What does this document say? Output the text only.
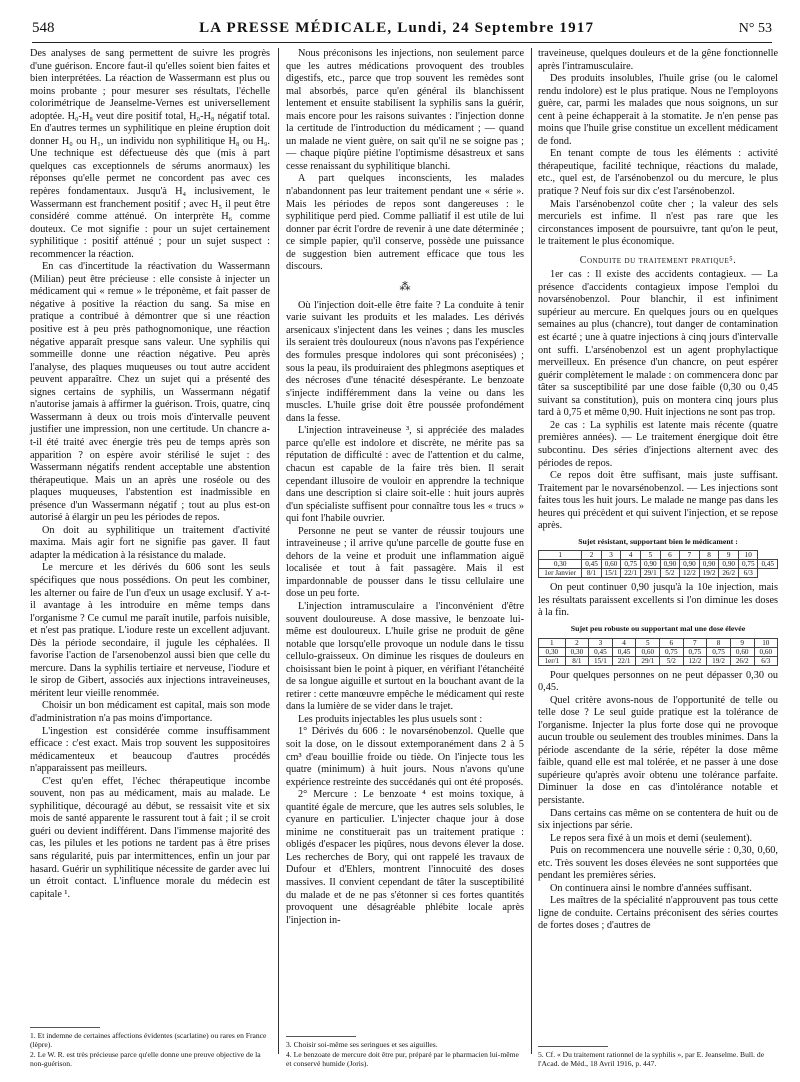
548	LA PRESSE MÉDICALE, Lundi, 24 Septembre 1917	N° 53

Des analyses de sang permettent de suivre les progrès d'une guérison. Encore faut-il qu'elles soient bien faites et bien interprétées. La réaction de Wassermann est plus ou moins probante ; pour mesurer ses résultats, l'échelle colorimétrique de Jeanselme-Vernes est universellement adoptée. H₀-H₈ veut dire positif total, H₀-H₈ négatif total. En d'autres termes un syphilitique en pleine éruption doit donner H₀ ou H₁, un individu non syphilitique H₈ ou H₉. Une technique est défectueuse dès que (mis à part quelques cas exceptionnels de sérums anormaux) les réponses qu'elle permet ne concordent pas avec ces repères fondamentaux. Jusqu'à H₄ inclusivement, le Wassermann est franchement positif ; avec H₅ il peut être considéré comme atténué. On interprète H₆ comme douteux. Ce mot signifie : pour un sujet certainement syphilitique : positif atténué ; pour un sujet suspect : recommencer la réaction.

En cas d'incertitude la réactivation du Wassermann (Milian) peut être précieuse : elle consiste à injecter un médicament qui « remue » le tréponème, et fait passer de négative à positive la réaction du sang. Sa mise en pratique a contribué à démontrer que si une réaction positive est à peu près pathognomonique, une réaction négative apparaît presque sans valeur. Une syphilis qui sommeille donne une réaction négative. Peu après l'analyse, des plaques muqueuses ou tout autre accident peuvent apparaître. Chez un sujet qui a présenté des signes certains de syphilis, un Wassermann négatif n'autorise jamais à affirmer la guérison. Trois, quatre, cinq Wassermann à deux ou trois mois d'intervalle peuvent justifier une impression, non une certitude. Un chancre a-t-il été traité avec énergie très peu de temps après son apparition ? on espère avoir stérilisé le sujet : des Wassermann négatifs rendent acceptable une abstention thérapeutique. Mais un an après une roséole ou des plaques muqueuses, l'abstention est inadmissible en présence d'un Wassermann négatif ; tout au plus est-on autorisé à élargir un peu les périodes de repos.

On doit au syphilitique un traitement d'activité maxima. Mais agir fort ne signifie pas gaver. Il faut adapter la médication à la résistance du malade.

Le mercure et les dérivés du 606 sont les seuls spécifiques que nous possédions. On peut les combiner, les alterner ou faire de l'un d'eux un usage exclusif. Y a-t-il avantage à les introduire en même temps dans l'organisme ? Ce cumul me paraît inutile, parfois nuisible, et n'est pas pratique. L'iodure reste un excellent adjuvant. Dès la période secondaire, il jugule les céphalées. Il favorise l'action de l'arsenobenzol aussi bien que celle du mercure. Dans la syphilis tertiaire et nerveuse, l'iodure et le sirop de Gibert, associés aux injections intraveineuses, méritent leur vieille renommée.

Choisir un bon médicament est capital, mais son mode d'administration n'a pas moins d'importance.

L'ingestion est considérée comme insuffisamment efficace : c'est exact. Mais trop souvent les suppositoires médicamenteux et beaucoup d'autres procédés n'apparaissent pas meilleurs.

C'est qu'en effet, l'échec thérapeutique incombe souvent, non pas au médicament, mais au malade. Le syphilitique, découragé au début, se ressaisit vite et six mois de santé apparente le rassurent tout à fait ; il se croit guéri ou devient indifférent. Dans l'immense majorité des cas, les pilules et les potions ne tardent pas à être prises sans régularité, puis par intermittences, enfin un jour par hasard. Guérir un syphilitique nécessite de garder avec lui un étroit contact. L'influence morale du médecin est capitale ¹.

1. Et indemne de certaines affections évidentes (scarlatine) ou rares en France (lèpre).
2. Le W. R. est très précieuse parce qu'elle donne une preuve objective de la non-guérison.

Nous préconisons les injections, non seulement parce que les autres médications provoquent des troubles digestifs, etc., parce que trop souvent les remèdes sont mal absorbés, parce qu'en général ils blanchissent lentement et ensuite stabilisent la syphilis sans la guérir, mais encore pour les raisons suivantes : l'injection donne la certitude de l'introduction du médicament ; — quand un malade ne vient guère, on sait qu'il ne se soigne pas ; — chaque piqûre piétine l'optimisme désastreux et sans cesse renaissant du syphilitique blanchi.

A part quelques inconscients, les malades n'abandonnent pas leur traitement pendant une « série ». Mais les périodes de repos sont dangereuses : le syphilitique perd pied. Comme palliatif il est utile de lui donner par écrit l'ordre de revenir à une date déterminée ; ce simple papier, qu'il conserve, possède une puissance de suggestion bien autrement efficace que tous les discours.

⁂

Où l'injection doit-elle être faite ? La conduite à tenir varie suivant les produits et les malades. Les dérivés arsenicaux s'injectent dans les veines ; dans les muscles ils seraient très douloureux (nous n'avons pas l'expérience des formules presque indolores qui sont préconisées) ; sous la peau, ils produiraient des phlegmons aseptiques et des nécroses d'une ténacité désespérante. Le benzoate s'injecte indifféremment dans la veine ou dans les muscles. L'huile grise doit être poussée profondément dans la fesse.

L'injection intraveineuse ³, si appréciée des malades parce qu'elle est indolore et discrète, ne mérite pas sa réputation de difficulté : avec de l'attention et du calme, chacun est capable de la faire très bien. Il serait cependant illusoire de vouloir en apprendre la technique dans une description si claire soit-elle : huit jours auprès d'un spécialiste suffisent pour connaître tous les « trucs » qui font l'habile ouvrier.

Personne ne peut se vanter de réussir toujours une intraveineuse ; il arrive qu'une parcelle de goutte fuse en dehors de la veine et produit une inflammation aiguë localisée et tout à fait passagère. Mais il est impardonnable de pousser dans le tissu cellulaire une dose un peu forte.

L'injection intramusculaire a l'inconvénient d'être souvent douloureuse. A dose massive, le benzoate lui-même est douloureux. L'huile grise ne produit de gêne notable que lorsqu'elle provoque un nodule dans le tissu cellulo-graisseux. On diminue les risques de douleurs en choisissant bien le point à piquer, en vérifiant l'étanchéité de sa longue aiguille et surtout en la bouchant avant de la retirer : cette manœuvre empêche le médicament qui reste dans la lumière de se vider dans le trajet.

Les produits injectables les plus usuels sont :

1° Dérivés du 606 : le novarsénobenzol. Quelle que soit la dose, on le dissout extemporanément dans 2 à 5 cm³ d'eau bouillie froide ou tiède. On l'injecte tous les quatre (minimum) à huit jours. Nous n'avons qu'une expérience restreinte des succédanés qui ont été proposés.

2° Mercure : Le benzoate ⁴ est moins toxique, à quantité égale de mercure, que les autres sels solubles, le cyanure en particulier. L'injecter chaque jour à dose minime ne constituerait pas un traitement pratique : obligés d'espacer les piqûres, nous devons élever la dose. Les recherches de Bory, qui ont rappelé les travaux de Dufour et d'Ehlers, montrent l'innocuité des doses massives. Il convient cependant de tâter la susceptibilité du malade et de ne pas s'étonner si ces fortes quantités provoquent une désagréable phlébite locale après l'injection in-

3. Choisir soi-même ses seringues et ses aiguilles.
4. Le benzoate de mercure doit être pur, préparé par le pharmacien lui-même et conservé humide (Joris).

traveineuse, quelques douleurs et de la gêne fonctionnelle après l'intramusculaire.

Des produits insolubles, l'huile grise (ou le calomel rendu indolore) est le plus pratique. Nous ne l'employons guère, car, parmi les malades que nous soignons, un sur cent à peine échapperait à la stomatite. Je n'en pense pas moins que l'huile grise constitue un excellent médicament de fond.

En tenant compte de tous les éléments : activité thérapeutique, facilité technique, réactions du malade, etc., quel est, de l'arsénobenzol ou du mercure, le plus pratique ? Neuf fois sur dix c'est l'arsénobenzol.

Mais l'arsénobenzol coûte cher ; la valeur des sels mercuriels est infime. Il n'est pas rare que les circonstances imposent de poursuivre, tant qu'on le peut, le traitement le plus économique.

Conduite du traitement pratique⁵.

1er cas : Il existe des accidents contagieux. — La présence d'accidents contagieux impose l'emploi du novarsénobenzol. Pour blanchir, il est infiniment supérieur au mercure. En quelques jours ou en quelques semaines au plus (chancre), tout danger de contamination est écarté ; une à quatre injections à cinq jours d'intervalle ont suffi. L'arsénobenzol est un agent prophylactique merveilleux. En présence d'un chancre, on peut espérer guérir complètement le malade : on commencera donc par tâter sa susceptibilité par une dose faible (0,30 ou 0,45 suivant sa constitution), puis on montera cinq jours plus tard à 0,75 et même 0,90. Huit injections ne sont pas trop.

2e cas : La syphilis est latente mais récente (quatre premières années). — Le traitement énergique doit être subcontinu. Des séries d'injections alternent avec des périodes de repos.

Ce repos doit être suffisant, mais juste suffisant. Traitement par le novarsénobenzol. — Les injections sont faites tous les huit jours. Le malade ne mange pas dans les heures qui précèdent et qui suivent l'injection, et se repose après.

Sujet résistant, supportant bien le médicament :
1	2	3	4	5	6	7	8	9	10	
0,30	0,45	0,60	0,75	0,90	0,90	0,90	0,90	0,90	0,75	0,45
1er Janvier	8/1	15/1	22/1	29/1	5/2	12/2	19/2	26/2	6/3	

On peut continuer 0,90 jusqu'à la 10e injection, mais les résultats paraissent excellents si l'on diminue les doses à la fin.

Sujet peu robuste ou supportant mal une dose élevée
1	2	3	4	5	6	7	8	9	10
0,30	0,30	0,45	0,45	0,60	0,75	0,75	0,75	0,60	0,60
1er/1	8/1	15/1	22/1	29/1	5/2	12/2	19/2	26/2	6/3

Pour quelques personnes on ne peut dépasser 0,30 ou 0,45.

Quel critère avons-nous de l'opportunité de telle ou telle dose ? Le seul guide pratique est la tolérance de l'organisme. Injecter la plus forte dose qui ne provoque aucun trouble ou seulement des troubles minimes. Dans la période ascendante de la série, répéter la dose même faible, quand elle est mal tolérée, et ne passer à une dose supérieure qu'après avoir obtenu une tolérance parfaite. Diminuer la dose en cas d'intolérance notable et persistante.

Dans certains cas même on se contentera de huit ou de six injections par série.

Le repos sera fixé à un mois et demi (seulement).

Puis on recommencera une nouvelle série : 0,30, 0,60, etc. Très souvent les doses élevées ne sont supportées que pendant les premières séries.

On continuera ainsi le nombre d'années suffisant.

Les maîtres de la spécialité n'approuvent pas tous cette ligne de conduite. Certains préconisent des séries courtes de fortes doses ; d'autres de

5. Cf. « Du traitement rationnel de la syphilis », par E. Jeanselme. Bull. de l'Acad. de Méd., 18 Avril 1916, p. 447.
